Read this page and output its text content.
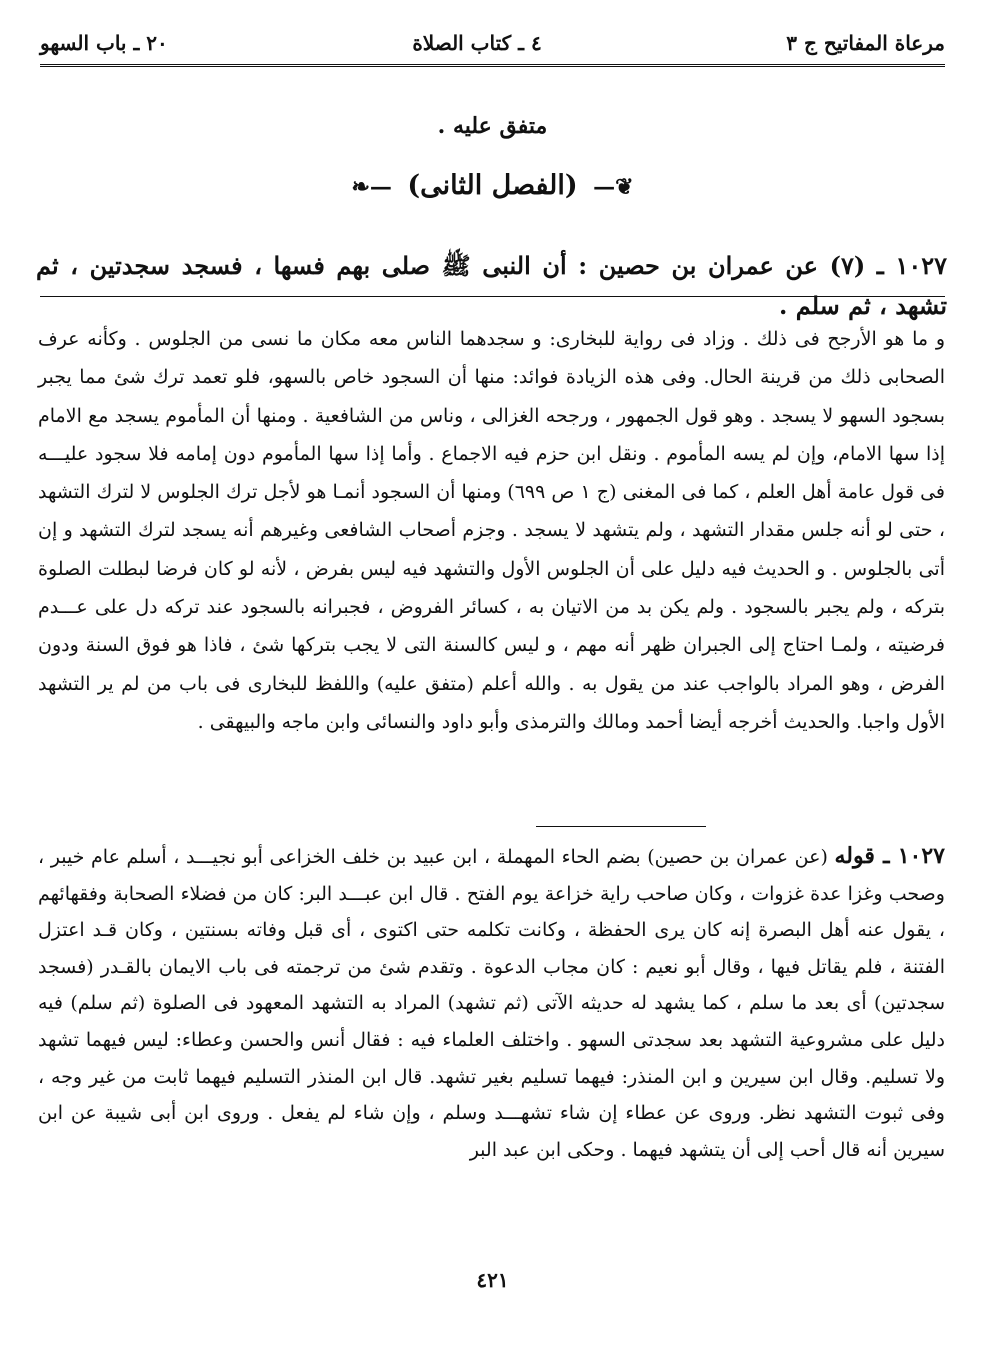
مرعاة المفاتيح ج ٣
٤ ـ كتاب الصلاة
٢٠ ـ باب السهو
متفق عليه .
❦— (الفصل الثانى) —❧
١٠٢٧ ـ (٧) عن عمران بن حصين : أن النبى ﷺ صلى بهم فسها ، فسجد سجدتين ، ثم تشهد ، ثم سلم .
و ما هو الأرجح فى ذلك . وزاد فى رواية للبخارى: و سجدهما الناس معه مكان ما نسى من الجلوس . وكأنه عرف الصحابى ذلك من قرينة الحال. وفى هذه الزيادة فوائد: منها أن السجود خاص بالسهو، فلو تعمد ترك شئ مما يجبر بسجود السهو لا يسجد . وهو قول الجمهور ، ورجحه الغزالى ، وناس من الشافعية . ومنها أن المأموم يسجد مع الامام إذا سها الامام، وإن لم يسه المأموم . ونقل ابن حزم فيه الاجماع . وأما إذا سها المأموم دون إمامه فلا سجود عليـــه فى قول عامة أهل العلم ، كما فى المغنى (ج ١ ص ٦٩٩) ومنها أن السجود أنمـا هو لأجل ترك الجلوس لا لترك التشهد ، حتى لو أنه جلس مقدار التشهد ، ولم يتشهد لا يسجد . وجزم أصحاب الشافعى وغيرهم أنه يسجد لترك التشهد و إن أتى بالجلوس . و الحديث فيه دليل على أن الجلوس الأول والتشهد فيه ليس بفرض ، لأنه لو كان فرضا لبطلت الصلوة بتركه ، ولم يجبر بالسجود . ولم يكن بد من الاتيان به ، كسائر الفروض ، فجبرانه بالسجود عند تركه دل على عـــدم فرضيته ، ولمـا احتاج إلى الجبران ظهر أنه مهم ، و ليس كالسنة التى لا يجب بتركها شئ ، فاذا هو فوق السنة ودون الفرض ، وهو المراد بالواجب عند من يقول به . والله أعلم (متفق عليه) واللفظ للبخارى فى باب من لم ير التشهد الأول واجبا. والحديث أخرجه أيضا أحمد ومالك والترمذى وأبو داود والنسائى وابن ماجه والبيهقى .
١٠٢٧ ـ قوله (عن عمران بن حصين) بضم الحاء المهملة ، ابن عبيد بن خلف الخزاعى أبو نجيـــد ، أسلم عام خيبر ، وصحب وغزا عدة غزوات ، وكان صاحب راية خزاعة يوم الفتح . قال ابن عبـــد البر: كان من فضلاء الصحابة وفقهائهم ، يقول عنه أهل البصرة إنه كان يرى الحفظة ، وكانت تكلمه حتى اكتوى ، أى قبل وفاته بسنتين ، وكان قـد اعتزل الفتنة ، فلم يقاتل فيها ، وقال أبو نعيم : كان مجاب الدعوة . وتقدم شئ من ترجمته فى باب الايمان بالقـدر (فسجد سجدتين) أى بعد ما سلم ، كما يشهد له حديثه الآتى (ثم تشهد) المراد به التشهد المعهود فى الصلوة (ثم سلم) فيه دليل على مشروعية التشهد بعد سجدتى السهو . واختلف العلماء فيه : فقال أنس والحسن وعطاء: ليس فيهما تشهد ولا تسليم. وقال ابن سيرين و ابن المنذر: فيهما تسليم بغير تشهد. قال ابن المنذر التسليم فيهما ثابت من غير وجه ، وفى ثبوت التشهد نظر. وروى عن عطاء إن شاء تشهـــد وسلم ، وإن شاء لم يفعل . وروى ابن أبى شيبة عن ابن سيرين أنه قال أحب إلى أن يتشهد فيهما . وحكى ابن عبد البر
٤٢١
